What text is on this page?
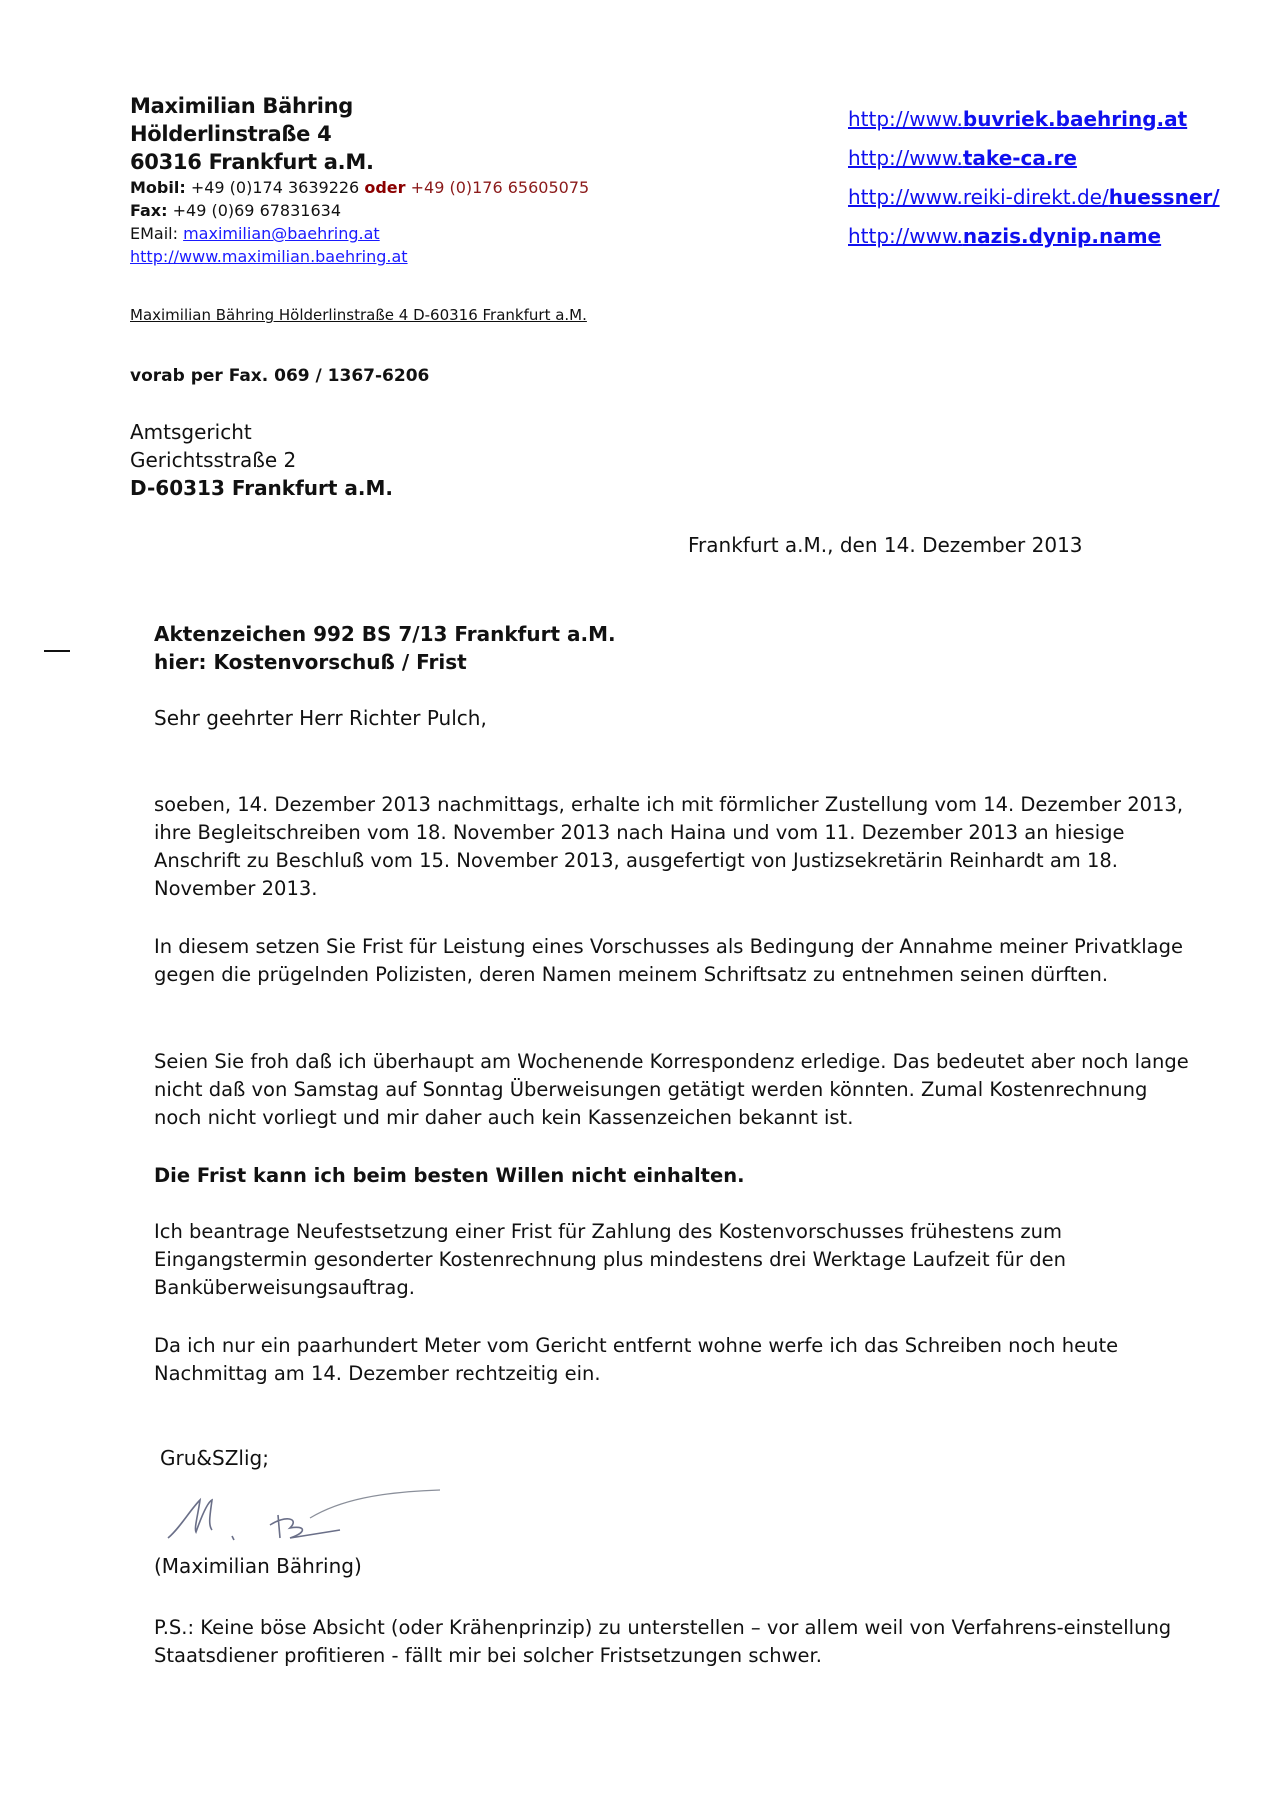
Maximilian Bähring
Hölderlinstraße 4
60316 Frankfurt a.M.
Mobil: +49 (0)174 3639226 oder +49 (0)176 65605075
Fax: +49 (0)69 67831634
EMail: maximilian@baehring.at
http://www.maximilian.baehring.at
http://www.buvriek.baehring.at
http://www.take-ca.re
http://www.reiki-direkt.de/huessner/
http://www.nazis.dynip.name
Maximilian Bähring Hölderlinstraße 4 D-60316 Frankfurt a.M.
vorab per Fax. 069 / 1367-6206
Amtsgericht
Gerichtsstraße 2
D-60313 Frankfurt a.M.
Frankfurt a.M., den 14. Dezember 2013
Aktenzeichen 992 BS 7/13 Frankfurt a.M.
hier: Kostenvorschuß / Frist
Sehr geehrter Herr Richter Pulch,

soeben, 14. Dezember 2013 nachmittags, erhalte ich mit förmlicher Zustellung vom 14. Dezember 2013, ihre Begleitschreiben vom 18. November 2013 nach Haina und vom 11. Dezember 2013 an hiesige Anschrift zu Beschluß vom 15. November 2013, ausgefertigt von Justizsekretärin Reinhardt am 18. November 2013.

In diesem setzen Sie Frist für Leistung eines Vorschusses als Bedingung der Annahme meiner Privatklage gegen die prügelnden Polizisten, deren Namen meinem Schriftsatz zu entnehmen seinen dürften.

Seien Sie froh daß ich überhaupt am Wochenende Korrespondenz erledige. Das bedeutet aber noch lange nicht daß von Samstag auf Sonntag Überweisungen getätigt werden könnten. Zumal Kostenrechnung noch nicht vorliegt und mir daher auch kein Kassenzeichen bekannt ist.

Die Frist kann ich beim besten Willen nicht einhalten.

Ich beantrage Neufestsetzung einer Frist für Zahlung des Kostenvorschusses frühestens zum Eingangstermin gesonderter Kostenrechnung plus mindestens drei Werktage Laufzeit für den Banküberweisungsauftrag.

Da ich nur ein paarhundert Meter vom Gericht entfernt wohne werfe ich das Schreiben noch heute Nachmittag am 14. Dezember rechtzeitig ein.

Gru&SZlig;
(Maximilian Bähring)
P.S.: Keine böse Absicht (oder Krähenprinzip) zu unterstellen – vor allem weil von Verfahrens-einstellung Staatsdiener profitieren - fällt mir bei solcher Fristsetzungen schwer.
